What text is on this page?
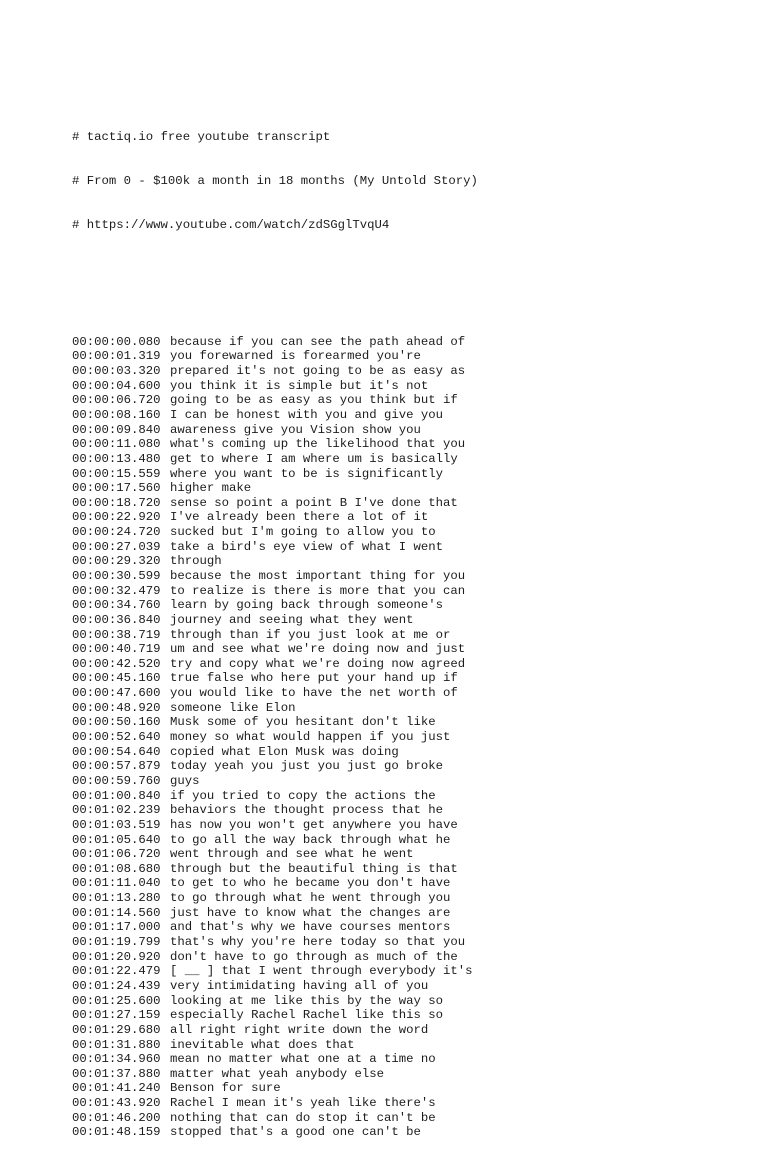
# tactiq.io free youtube transcript

# From 0 - $100k a month in 18 months (My Untold Story)

# https://www.youtube.com/watch/zdSGglTvqU4

00:00:00.080 because if you can see the path ahead of
00:00:01.319 you forewarned is forearmed you're
00:00:03.320 prepared it's not going to be as easy as
00:00:04.600 you think it is simple but it's not
00:00:06.720 going to be as easy as you think but if
00:00:08.160 I can be honest with you and give you
00:00:09.840 awareness give you Vision show you
00:00:11.080 what's coming up the likelihood that you
00:00:13.480 get to where I am where um is basically
00:00:15.559 where you want to be is significantly
00:00:17.560 higher make
00:00:18.720 sense so point a point B I've done that
00:00:22.920 I've already been there a lot of it
00:00:24.720 sucked but I'm going to allow you to
00:00:27.039 take a bird's eye view of what I went
00:00:29.320 through
00:00:30.599 because the most important thing for you
00:00:32.479 to realize is there is more that you can
00:00:34.760 learn by going back through someone's
00:00:36.840 journey and seeing what they went
00:00:38.719 through than if you just look at me or
00:00:40.719 um and see what we're doing now and just
00:00:42.520 try and copy what we're doing now agreed
00:00:45.160 true false who here put your hand up if
00:00:47.600 you would like to have the net worth of
00:00:48.920 someone like Elon
00:00:50.160 Musk some of you hesitant don't like
00:00:52.640 money so what would happen if you just
00:00:54.640 copied what Elon Musk was doing
00:00:57.879 today yeah you just you just go broke
00:00:59.760 guys
00:01:00.840 if you tried to copy the actions the
00:01:02.239 behaviors the thought process that he
00:01:03.519 has now you won't get anywhere you have
00:01:05.640 to go all the way back through what he
00:01:06.720 went through and see what he went
00:01:08.680 through but the beautiful thing is that
00:01:11.040 to get to who he became you don't have
00:01:13.280 to go through what he went through you
00:01:14.560 just have to know what the changes are
00:01:17.000 and that's why we have courses mentors
00:01:19.799 that's why you're here today so that you
00:01:20.920 don't have to go through as much of the
00:01:22.479 [ __ ] that I went through everybody it's
00:01:24.439 very intimidating having all of you
00:01:25.600 looking at me like this by the way so
00:01:27.159 especially Rachel Rachel like this so
00:01:29.680 all right right write down the word
00:01:31.880 inevitable what does that
00:01:34.960 mean no matter what one at a time no
00:01:37.880 matter what yeah anybody else
00:01:41.240 Benson for sure
00:01:43.920 Rachel I mean it's yeah like there's
00:01:46.200 nothing that can do stop it can't be
00:01:48.159 stopped that's a good one can't be
